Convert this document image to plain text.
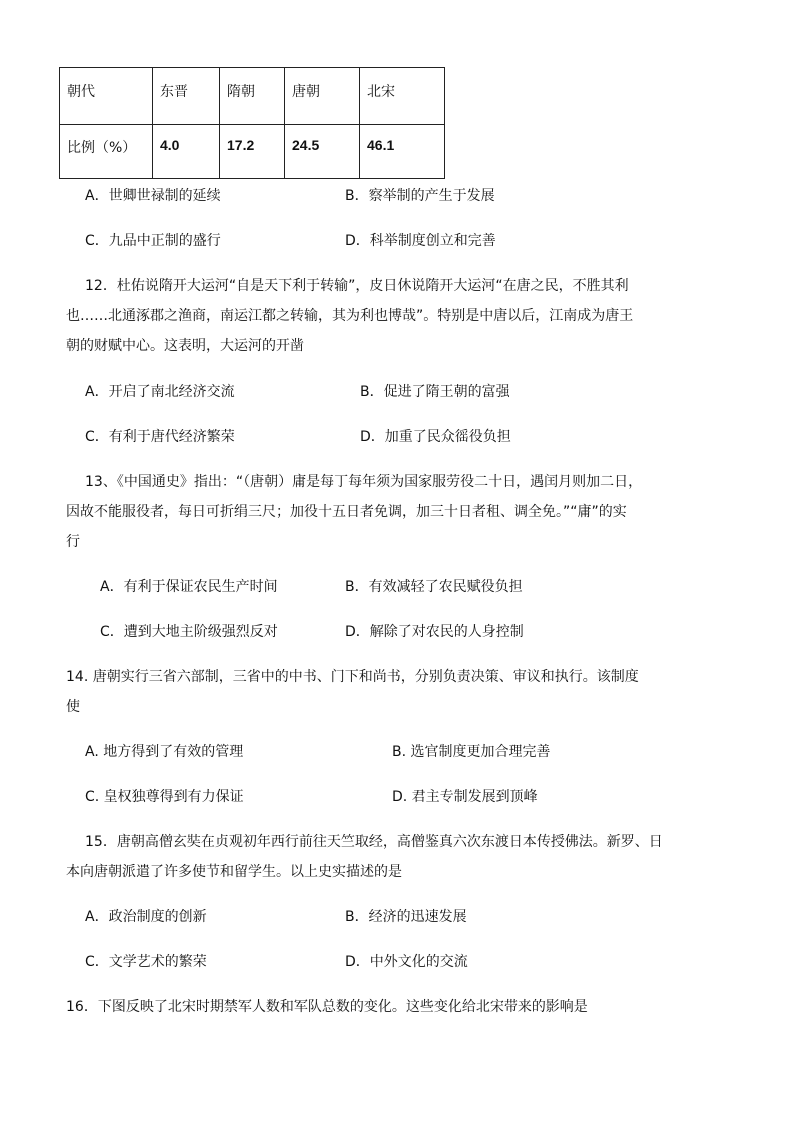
朝代	东晋	隋朝	唐朝	北宋
比例（%）	4.0	17.2	24.5	46.1
A．世卿世禄制的延续	B．察举制的产生于发展
C．九品中正制的盛行	D．科举制度创立和完善
12．杜佑说隋开大运河“自是天下利于转输”，皮日休说隋开大运河“在唐之民，不胜其利
也……北通涿郡之渔商，南运江都之转输，其为利也博哉”。特别是中唐以后，江南成为唐王
朝的财赋中心。这表明，大运河的开凿
A．开启了南北经济交流	B．促进了隋王朝的富强
C．有利于唐代经济繁荣	D．加重了民众徭役负担
13、《中国通史》指出：“（唐朝）庸是每丁每年须为国家服劳役二十日，遇闰月则加二日，
因故不能服役者，每日可折绢三尺；加役十五日者免调，加三十日者租、调全免。”“庸”的实
行
A．有利于保证农民生产时间	B．有效减轻了农民赋役负担
C．遭到大地主阶级强烈反对	D．解除了对农民的人身控制
14. 唐朝实行三省六部制，三省中的中书、门下和尚书，分别负责决策、审议和执行。该制度
使
A. 地方得到了有效的管理	B. 选官制度更加合理完善
C. 皇权独尊得到有力保证	D. 君主专制发展到顶峰
15．唐朝高僧玄奘在贞观初年西行前往天竺取经，高僧鉴真六次东渡日本传授佛法。新罗、日
本向唐朝派遣了许多使节和留学生。以上史实描述的是
A．政治制度的创新	B．经济的迅速发展
C．文学艺术的繁荣	D．中外文化的交流
16．下图反映了北宋时期禁军人数和军队总数的变化。这些变化给北宋带来的影响是
